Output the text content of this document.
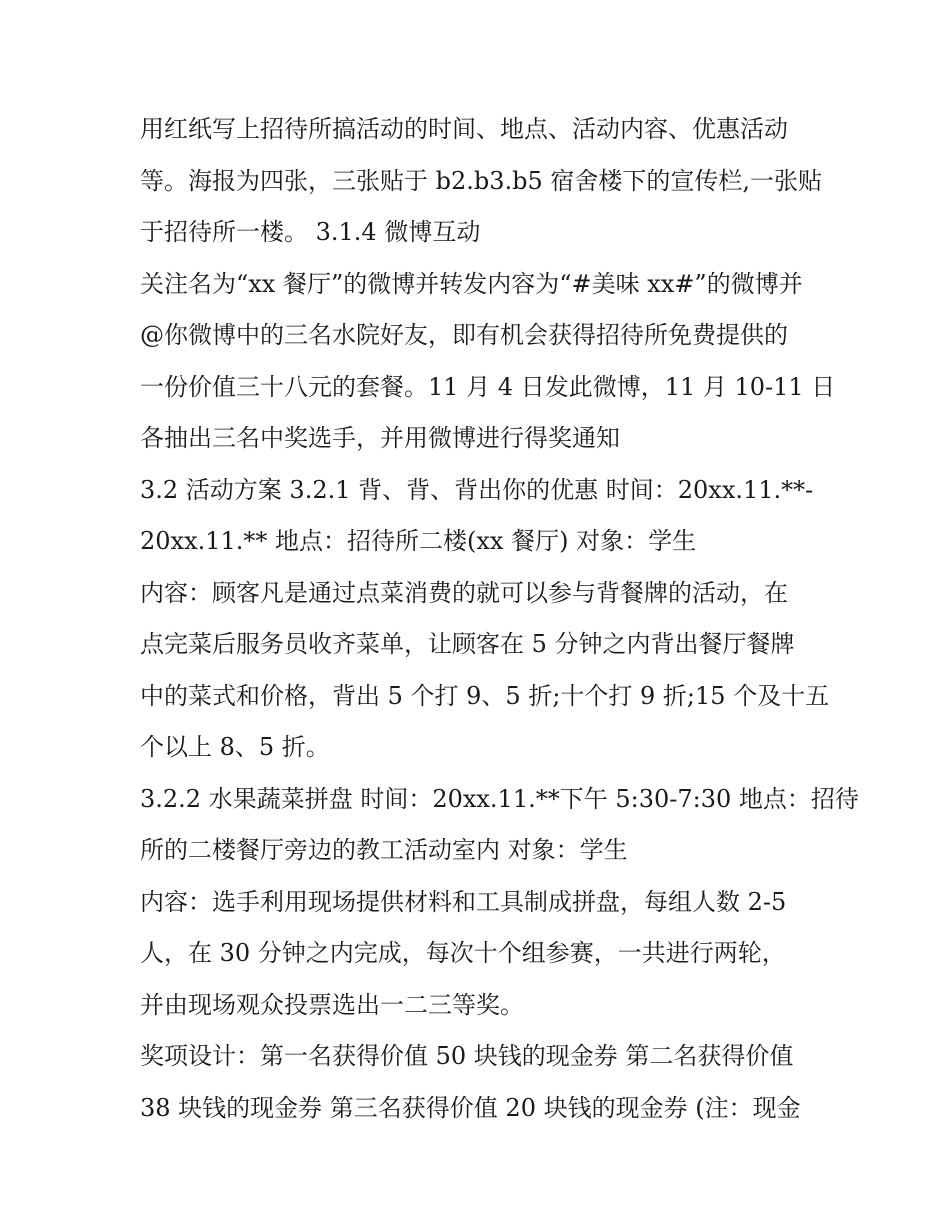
用红纸写上招待所搞活动的时间、地点、活动内容、优惠活动
等。海报为四张，三张贴于 b2.b3.b5 宿舍楼下的宣传栏,一张贴
于招待所一楼。 3.1.4 微博互动
关注名为“xx 餐厅”的微博并转发内容为“#美味 xx#”的微博并
@你微博中的三名水院好友，即有机会获得招待所免费提供的
一份价值三十八元的套餐。11 月 4 日发此微博，11 月 10-11 日
各抽出三名中奖选手，并用微博进行得奖通知
3.2 活动方案 3.2.1 背、背、背出你的优惠 时间：20xx.11.**-
20xx.11.** 地点：招待所二楼(xx 餐厅) 对象：学生
内容：顾客凡是通过点菜消费的就可以参与背餐牌的活动，在
点完菜后服务员收齐菜单，让顾客在 5 分钟之内背出餐厅餐牌
中的菜式和价格，背出 5 个打 9、5 折;十个打 9 折;15 个及十五
个以上 8、5 折。
3.2.2 水果蔬菜拼盘 时间：20xx.11.**下午 5:30-7:30 地点：招待
所的二楼餐厅旁边的教工活动室内 对象：学生
内容：选手利用现场提供材料和工具制成拼盘，每组人数 2-5
人，在 30 分钟之内完成，每次十个组参赛，一共进行两轮，
并由现场观众投票选出一二三等奖。
奖项设计：第一名获得价值 50 块钱的现金券 第二名获得价值
38 块钱的现金券 第三名获得价值 20 块钱的现金券 (注：现金
